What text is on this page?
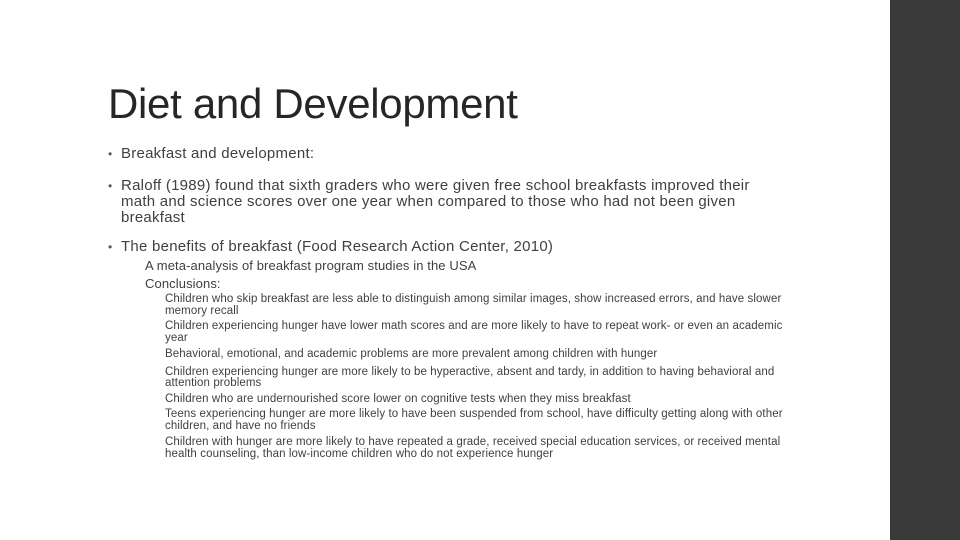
Diet and Development
• Breakfast and development:
• Raloff (1989) found that sixth graders who were given free school breakfasts improved their math and science scores over one year when compared to those who had not been given breakfast
• The benefits of breakfast (Food Research Action Center, 2010)
A meta-analysis of breakfast program studies in the USA
Conclusions:
Children who skip breakfast are less able to distinguish among similar images, show increased errors, and have slower memory recall
Children experiencing hunger have lower math scores and are more likely to have to repeat work- or even an academic year
Behavioral, emotional, and academic problems are more prevalent among children with hunger
Children experiencing hunger are more likely to be hyperactive, absent and tardy, in addition to having behavioral and attention problems
Children who are undernourished score lower on cognitive tests when they miss breakfast
Teens experiencing hunger are more likely to have been suspended from school, have difficulty getting along with other children, and have no friends
Children with hunger are more likely to have repeated a grade, received special education services, or received mental health counseling, than low-income children who do not experience hunger
